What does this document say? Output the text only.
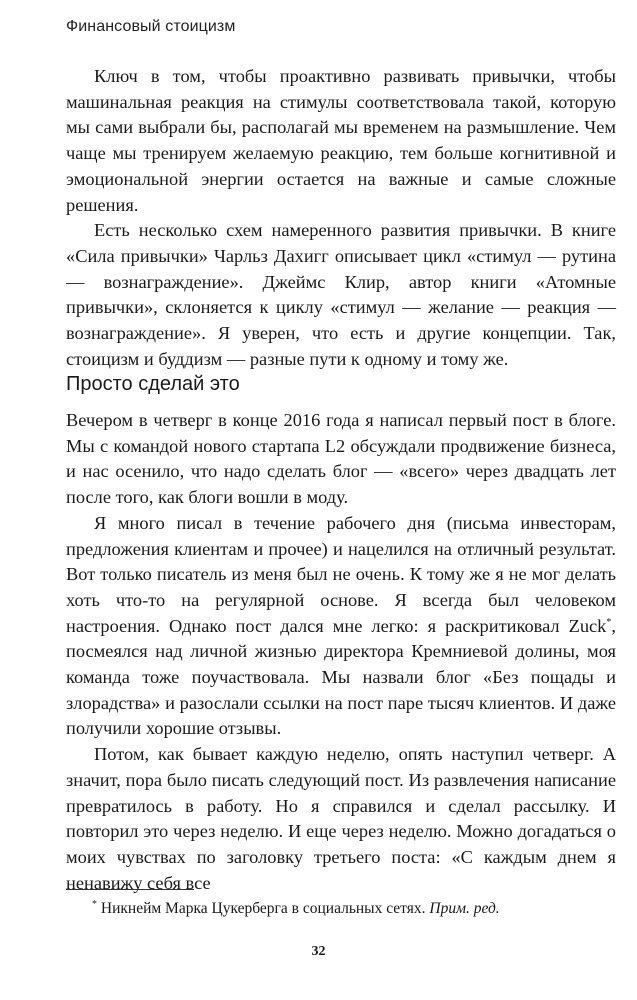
Финансовый стоицизм

Ключ в том, чтобы проактивно развивать привычки, чтобы машинальная реакция на стимулы соответствовала такой, которую мы сами выбрали бы, располагай мы временем на размышление. Чем чаще мы тренируем желаемую реакцию, тем больше когнитивной и эмоциональной энергии остается на важные и самые сложные решения.

Есть несколько схем намеренного развития привычки. В книге «Сила привычки» Чарльз Дахигг описывает цикл «стимул — рутина — вознаграждение». Джеймс Клир, автор книги «Атомные привычки», склоняется к циклу «стимул — желание — реакция — вознаграждение». Я уверен, что есть и другие концепции. Так, стоицизм и буддизм — разные пути к одному и тому же.

Просто сделай это

Вечером в четверг в конце 2016 года я написал первый пост в блоге. Мы с командой нового стартапа L2 обсуждали продвижение бизнеса, и нас осенило, что надо сделать блог — «всего» через двадцать лет после того, как блоги вошли в моду.

Я много писал в течение рабочего дня (письма инвесторам, предложения клиентам и прочее) и нацелился на отличный результат. Вот только писатель из меня был не очень. К тому же я не мог делать хоть что-то на регулярной основе. Я всегда был человеком настроения. Однако пост дался мне легко: я раскритиковал Zuck*, посмеялся над личной жизнью директора Кремниевой долины, моя команда тоже поучаствовала. Мы назвали блог «Без пощады и злорадства» и разослали ссылки на пост паре тысяч клиентов. И даже получили хорошие отзывы.

Потом, как бывает каждую неделю, опять наступил четверг. А значит, пора было писать следующий пост. Из развлечения написание превратилось в работу. Но я справился и сделал рассылку. И повторил это через неделю. И еще через неделю. Можно догадаться о моих чувствах по заголовку третьего поста: «С каждым днем я ненавижу себя все

* Никнейм Марка Цукерберга в социальных сетях. Прим. ред.
32
